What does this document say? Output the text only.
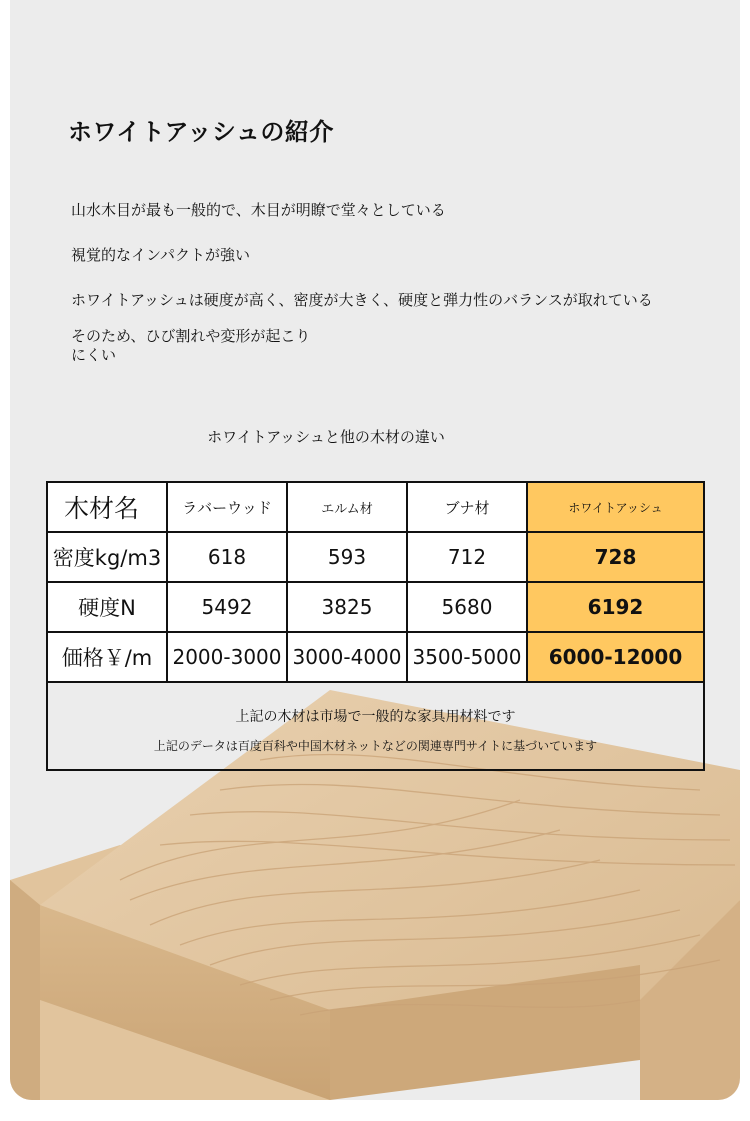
ホワイトアッシュの紹介
山水木目が最も一般的で、木目が明瞭で堂々としている
視覚的なインパクトが強い
ホワイトアッシュは硬度が高く、密度が大きく、硬度と弾力性のバランスが取れている
そのため、ひび割れや変形が起こりにくい
ホワイトアッシュと他の木材の違い
木材名	ラバーウッド	エルム材	ブナ材	ホワイトアッシュ
密度kg/m3	618	593	712	728
硬度N	5492	3825	5680	6192
価格￥/m	2000-3000 3000-4000 3500-5000	6000-12000
上記の木材は市場で一般的な家具用材料です
上記のデータは百度百科や中国木材ネットなどの関連専門サイトに基づいています
